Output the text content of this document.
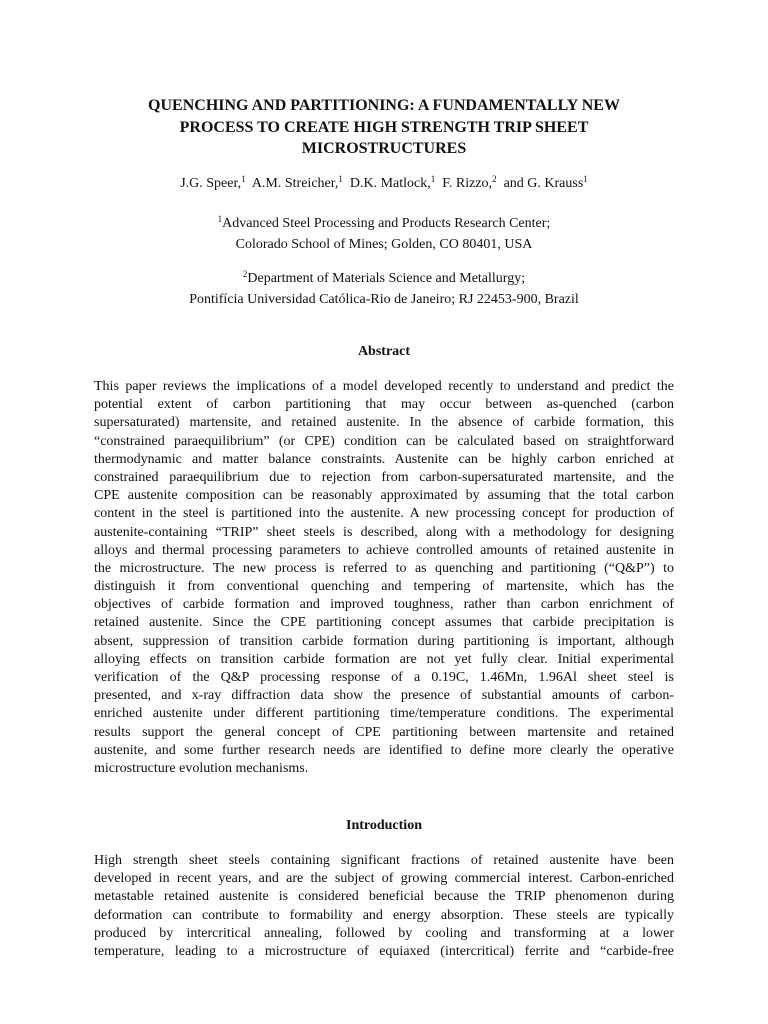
QUENCHING AND PARTITIONING: A FUNDAMENTALLY NEW
PROCESS TO CREATE HIGH STRENGTH TRIP SHEET
MICROSTRUCTURES
J.G. Speer,$^1$ A.M. Streicher,$^1$ D.K. Matlock,$^1$ F. Rizzo,$^2$ and G. Krauss$^1$
$^1$Advanced Steel Processing and Products Research Center;
Colorado School of Mines; Golden, CO 80401, USA
$^2$Department of Materials Science and Metallurgy;
Pontifícia Universidad Católica-Rio de Janeiro; RJ 22453-900, Brazil
Abstract
This paper reviews the implications of a model developed recently to understand and predict the
potential extent of carbon partitioning that may occur between as-quenched (carbon
supersaturated) martensite, and retained austenite. In the absence of carbide formation, this
“constrained paraequilibrium” (or CPE) condition can be calculated based on straightforward
thermodynamic and matter balance constraints. Austenite can be highly carbon enriched at
constrained paraequilibrium due to rejection from carbon-supersaturated martensite, and the
CPE austenite composition can be reasonably approximated by assuming that the total carbon
content in the steel is partitioned into the austenite. A new processing concept for production of
austenite-containing “TRIP” sheet steels is described, along with a methodology for designing
alloys and thermal processing parameters to achieve controlled amounts of retained austenite in
the microstructure. The new process is referred to as quenching and partitioning (“Q&P”) to
distinguish it from conventional quenching and tempering of martensite, which has the
objectives of carbide formation and improved toughness, rather than carbon enrichment of
retained austenite. Since the CPE partitioning concept assumes that carbide precipitation is
absent, suppression of transition carbide formation during partitioning is important, although
alloying effects on transition carbide formation are not yet fully clear. Initial experimental
verification of the Q&P processing response of a 0.19C, 1.46Mn, 1.96Al sheet steel is
presented, and x-ray diffraction data show the presence of substantial amounts of carbon-
enriched austenite under different partitioning time/temperature conditions. The experimental
results support the general concept of CPE partitioning between martensite and retained
austenite, and some further research needs are identified to define more clearly the operative
microstructure evolution mechanisms.
Introduction
High strength sheet steels containing significant fractions of retained austenite have been
developed in recent years, and are the subject of growing commercial interest. Carbon-enriched
metastable retained austenite is considered beneficial because the TRIP phenomenon during
deformation can contribute to formability and energy absorption. These steels are typically
produced by intercritical annealing, followed by cooling and transforming at a lower
temperature, leading to a microstructure of equiaxed (intercritical) ferrite and “carbide-free
